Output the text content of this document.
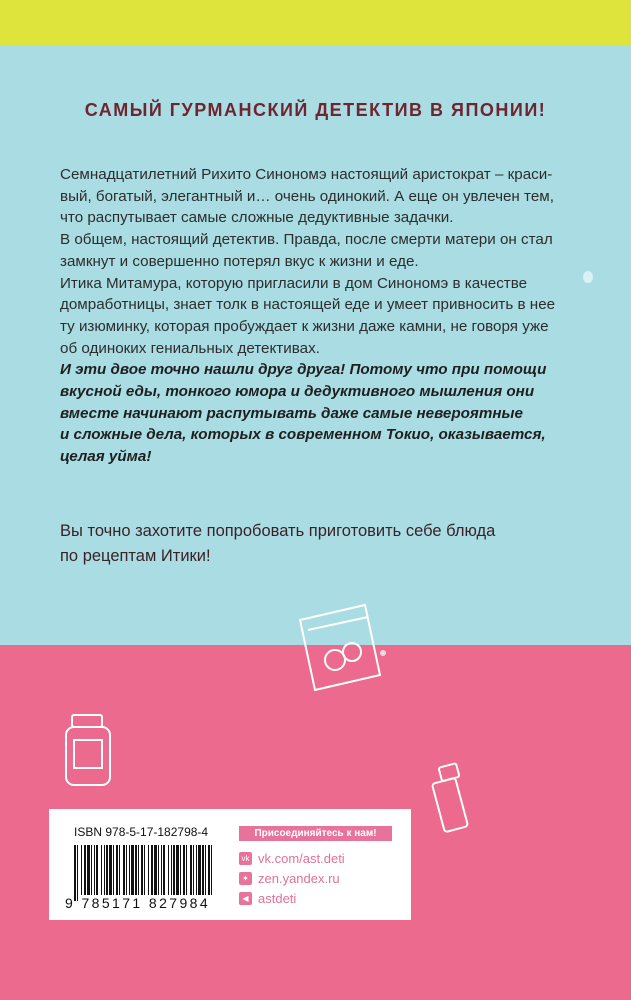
САМЫЙ ГУРМАНСКИЙ ДЕТЕКТИВ В ЯПОНИИ!
Семнадцатилетний Рихито Синономэ настоящий аристократ – краси-
вый, богатый, элегантный и… очень одинокий. А еще он увлечен тем,
что распутывает самые сложные дедуктивные задачки.
В общем, настоящий детектив. Правда, после смерти матери он стал
замкнут и совершенно потерял вкус к жизни и еде.
Итика Митамура, которую пригласили в дом Синономэ в качестве
домработницы, знает толк в настоящей еде и умеет привносить в нее
ту изюминку, которая пробуждает к жизни даже камни, не говоря уже
об одиноких гениальных детективах.
И эти двое точно нашли друг друга! Потому что при помощи
вкусной еды, тонкого юмора и дедуктивного мышления они
вместе начинают распутывать даже самые невероятные
и сложные дела, которых в современном Токио, оказывается,
целая уйма!
Вы точно захотите попробовать приготовить себе блюда
по рецептам Итики!
ISBN 978-5-17-182798-4
9 785171 827984
Присоединяйтесь к нам!
vk vk.com/ast.deti
✦ zen.yandex.ru
◀ astdeti
